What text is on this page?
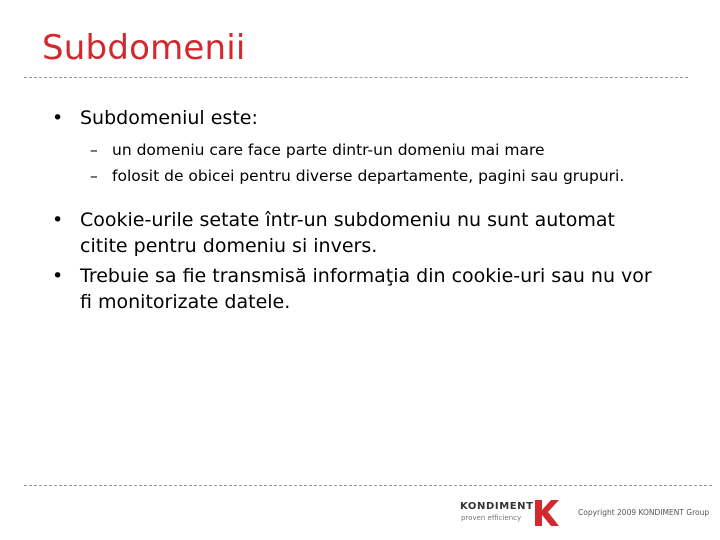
Subdomenii
• Subdomeniul este:
– un domeniu care face parte dintr-un domeniu mai mare
– folosit de obicei pentru diverse departamente, pagini sau grupuri.
• Cookie-urile setate într-un subdomeniu nu sunt automat citite pentru domeniu si invers.
• Trebuie sa fie transmisă informaţia din cookie-uri sau nu vor fi monitorizate datele.
KONDIMENT
proven efficiency
Copyright 2009 KONDIMENT Group
